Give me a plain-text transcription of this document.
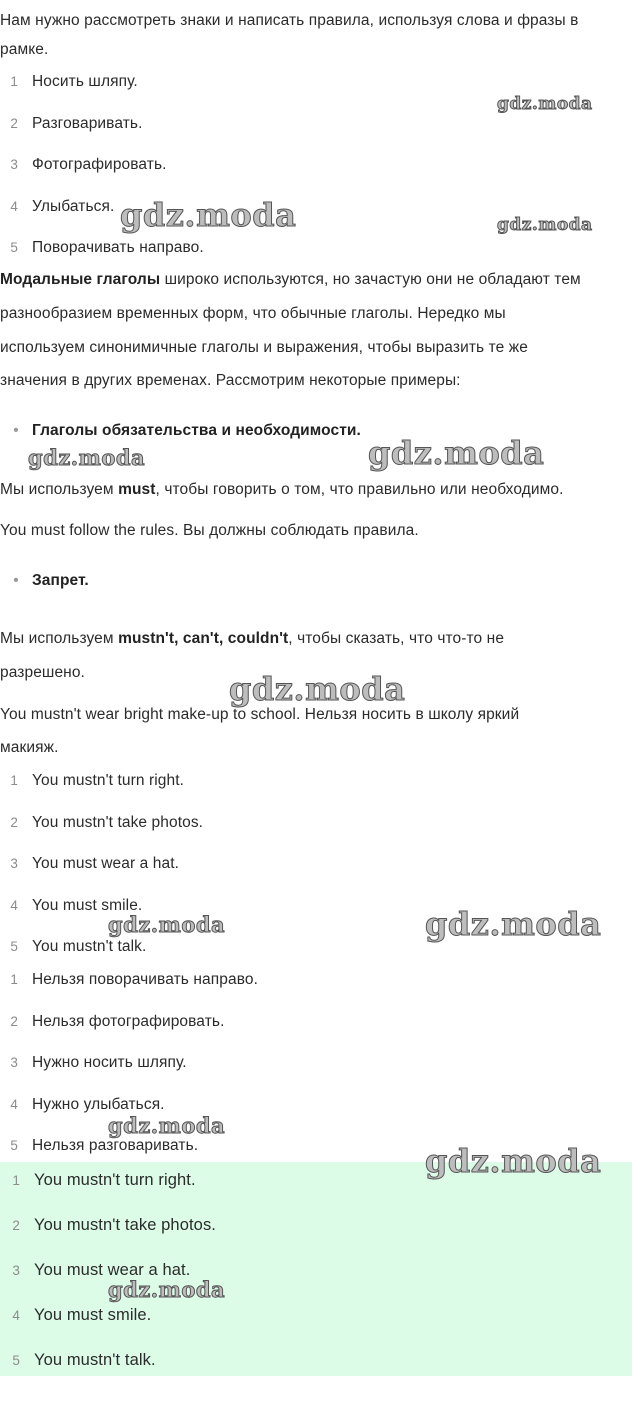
Нам нужно рассмотреть знаки и написать правила, используя слова и фразы в

рамке.

1 Носить шляпу.
2 Разговаривать.
3 Фотографировать.
4 Улыбаться.
5 Поворачивать направо.

Модальные глаголы широко используются, но зачастую они не обладают тем

разнообразием временных форм, что обычные глаголы. Нередко мы

используем синонимичные глаголы и выражения, чтобы выразить те же

значения в других временах. Рассмотрим некоторые примеры:

• Глаголы обязательства и необходимости.

Мы используем must, чтобы говорить о том, что правильно или необходимо.

You must follow the rules. Вы должны соблюдать правила.

• Запрет.

Мы используем mustn't, can't, couldn't, чтобы сказать, что что-то не

разрешено.

You mustn't wear bright make-up to school. Нельзя носить в школу яркий

макияж.

1 You mustn't turn right.
2 You mustn't take photos.
3 You must wear a hat.
4 You must smile.
5 You mustn't talk.
1 Нельзя поворачивать направо.
2 Нельзя фотографировать.
3 Нужно носить шляпу.
4 Нужно улыбаться.
5 Нельзя разговаривать.
1 You mustn't turn right.
2 You mustn't take photos.
3 You must wear a hat.
4 You must smile.
5 You mustn't talk.
gdz.moda
gdz.moda	gdz.moda
gdz.moda	gdz.moda
gdz.moda
gdz.moda	gdz.moda
gdz.moda
gdz.moda
gdz.moda
